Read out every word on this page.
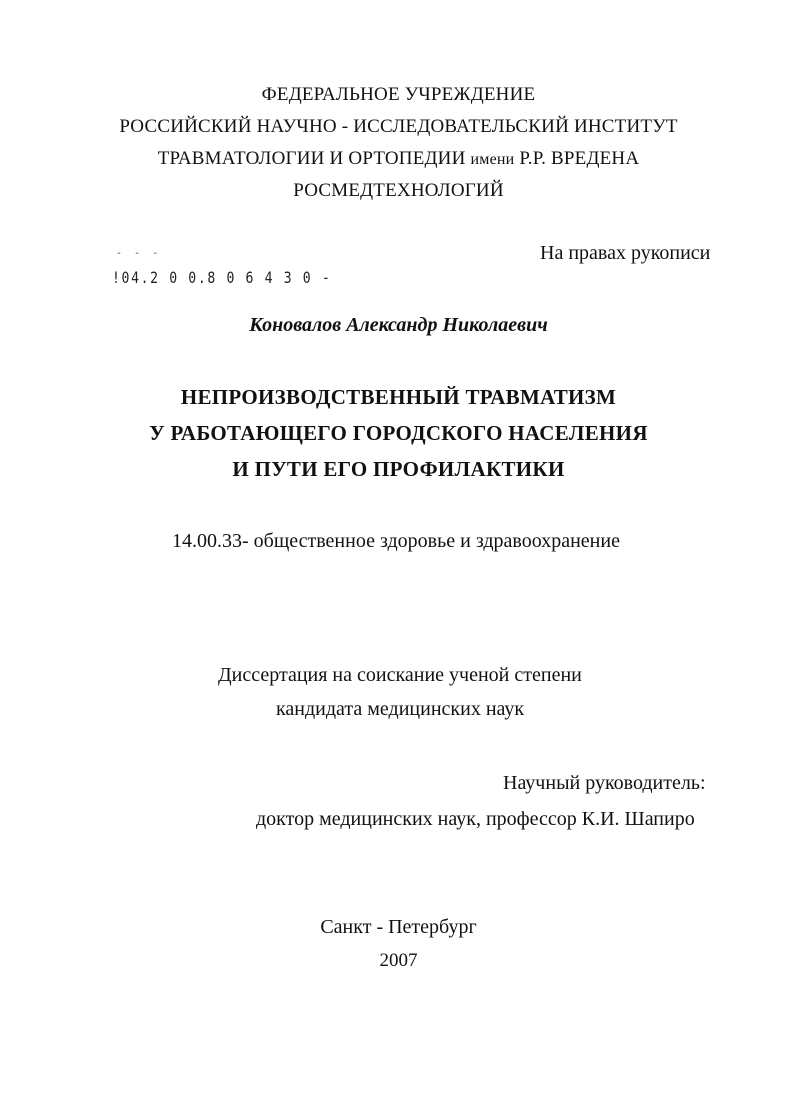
ФЕДЕРАЛЬНОЕ УЧРЕЖДЕНИЕ
РОССИЙСКИЙ НАУЧНО - ИССЛЕДОВАТЕЛЬСКИЙ ИНСТИТУТ
ТРАВМАТОЛОГИИ И ОРТОПЕДИИ имени Р.Р. ВРЕДЕНА
РОСМЕДТЕХНОЛОГИЙ
На правах рукописи
- - -
!04.2 0 0.8 0 6 4 3 0 -
Коновалов Александр Николаевич
НЕПРОИЗВОДСТВЕННЫЙ ТРАВМАТИЗМ
У РАБОТАЮЩЕГО ГОРОДСКОГО НАСЕЛЕНИЯ
И ПУТИ ЕГО ПРОФИЛАКТИКИ
14.00.33- общественное здоровье и здравоохранение
Диссертация на соискание ученой степени
кандидата медицинских наук
Научный руководитель:
доктор медицинских наук, профессор К.И. Шапиро
Санкт - Петербург
2007
